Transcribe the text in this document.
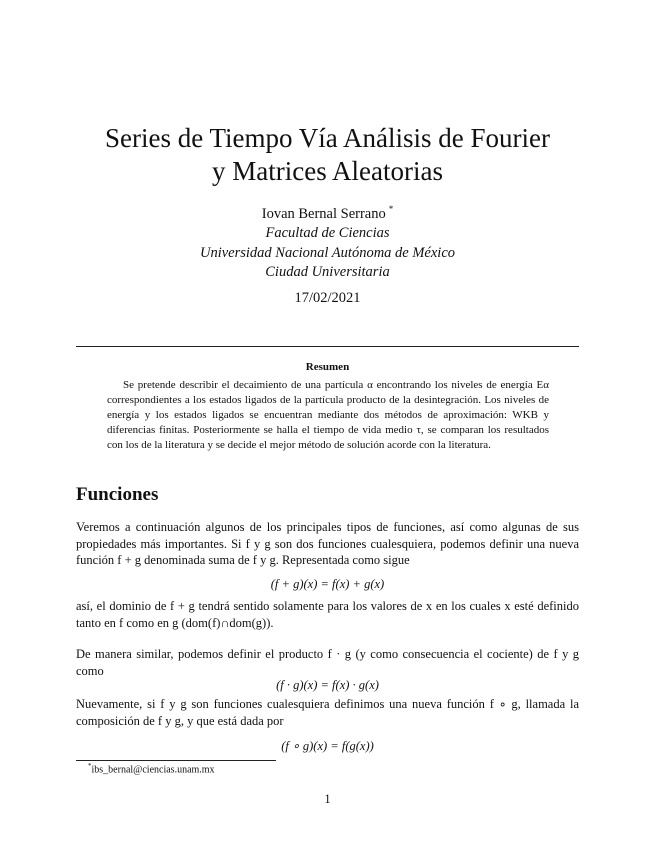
Series de Tiempo Vía Análisis de Fourier
y Matrices Aleatorias
Iovan Bernal Serrano *
Facultad de Ciencias
Universidad Nacional Autónoma de México
Ciudad Universitaria
17/02/2021
Resumen

Se pretende describir el decaimiento de una partícula α encontrando los niveles de energía Eα correspondientes a los estados ligados de la partícula producto de la desintegración. Los niveles de energía y los estados ligados se encuentran mediante dos métodos de aproximación: WKB y diferencias finitas. Posteriormente se halla el tiempo de vida medio τ, se comparan los resultados con los de la literatura y se decide el mejor método de solución acorde con la literatura.

Funciones

Veremos a continuación algunos de los principales tipos de funciones, así como algunas de sus propiedades más importantes. Si f y g son dos funciones cualesquiera, podemos definir una nueva función f + g denominada suma de f y g. Representada como sigue

(f + g)(x) = f(x) + g(x)

así, el dominio de f + g tendrá sentido solamente para los valores de x en los cuales x esté definido tanto en f como en g (dom(f)∩dom(g)).

De manera similar, podemos definir el producto f · g (y como consecuencia el cociente) de f y g como

(f · g)(x) = f(x) · g(x)

Nuevamente, si f y g son funciones cualesquiera definimos una nueva función f ∘ g, llamada la composición de f y g, y que está dada por

(f ∘ g)(x) = f(g(x))
*ibs_bernal@ciencias.unam.mx
1
